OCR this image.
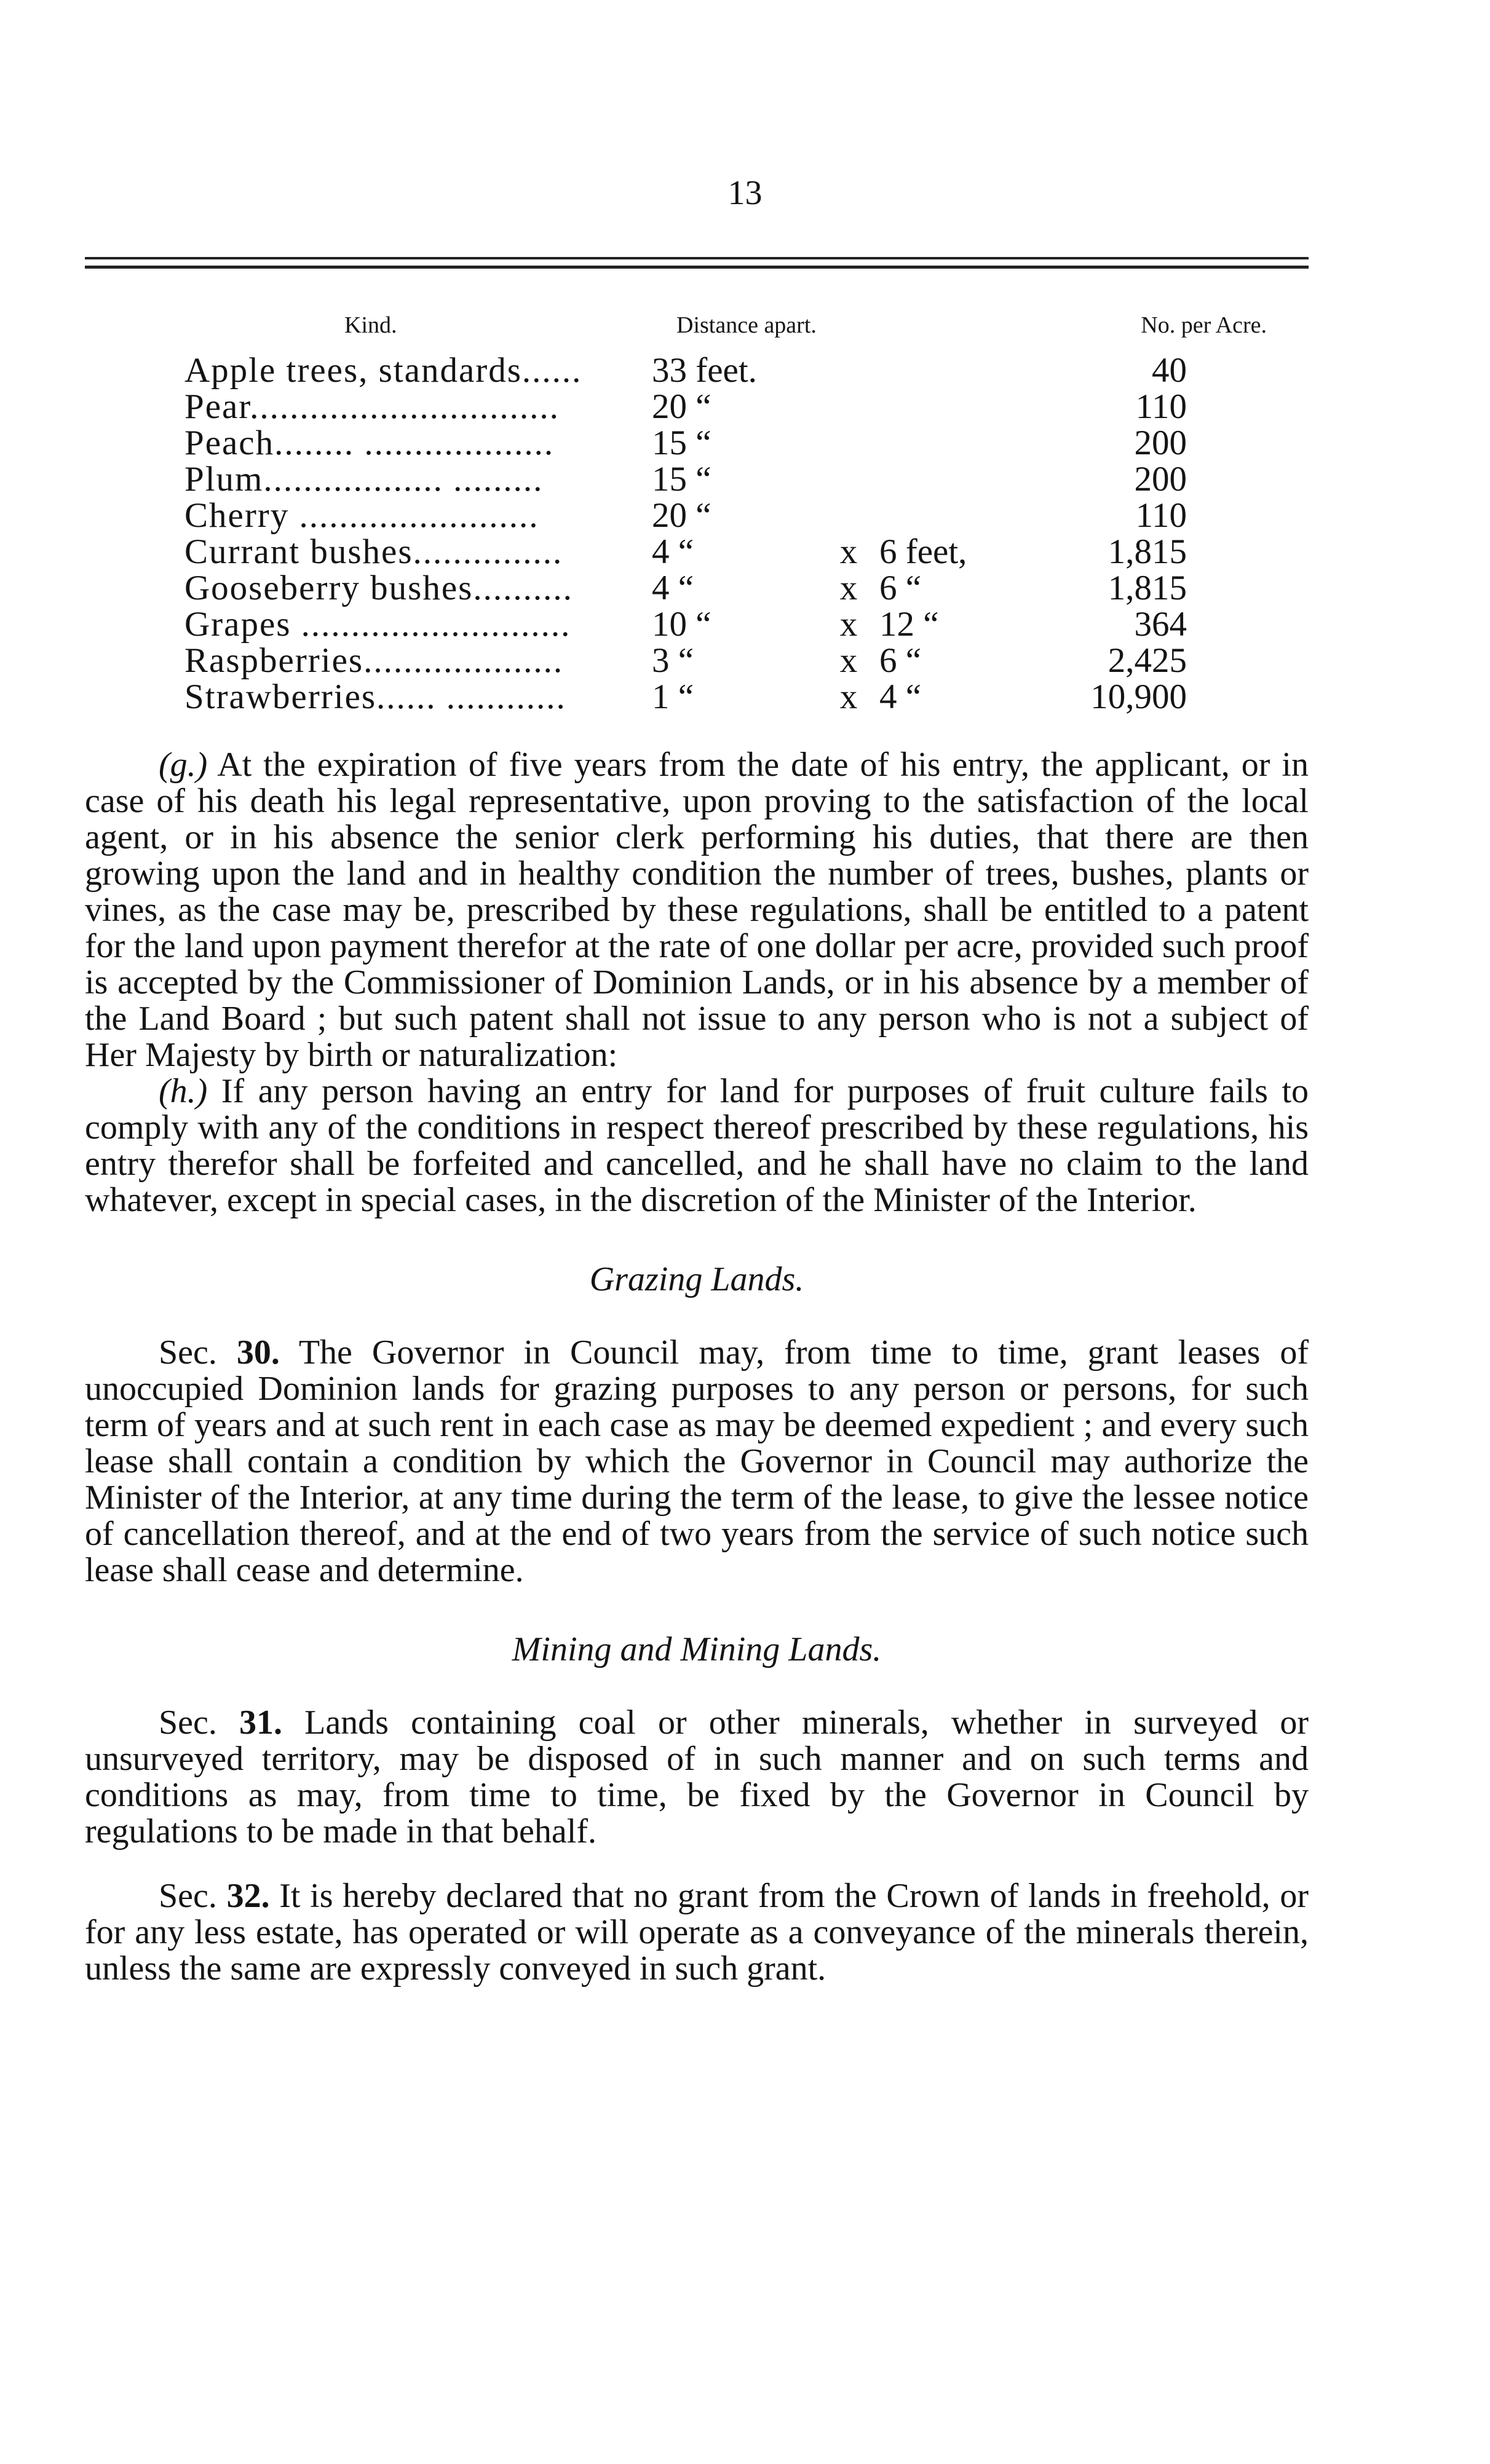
13
Kind.	Distance apart.			No. per Acre.
Apple trees, standards......	33 feet.			40
Pear...............................	20 “			110
Peach........ ...................	15 “			200
Plum.................. .........	15 “			200
Cherry ........................	20 “			110
Currant bushes...............	4 “	x	6 feet,	1,815
Gooseberry bushes..........	4 “	x	6 “	1,815
Grapes ...........................	10 “	x	12 “	364
Raspberries....................	3 “	x	6 “	2,425
Strawberries...... ............	1 “	x	4 “	10,900

(g.) At the expiration of five years from the date of his entry, the applicant, or in case of his death his legal representative, upon proving to the satisfaction of the local agent, or in his absence the senior clerk performing his duties, that there are then growing upon the land and in healthy condition the number of trees, bushes, plants or vines, as the case may be, prescribed by these regulations, shall be entitled to a patent for the land upon payment therefor at the rate of one dollar per acre, provided such proof is accepted by the Commissioner of Dominion Lands, or in his absence by a member of the Land Board ; but such patent shall not issue to any person who is not a subject of Her Majesty by birth or naturalization:

(h.) If any person having an entry for land for purposes of fruit culture fails to comply with any of the conditions in respect thereof prescribed by these regulations, his entry therefor shall be forfeited and cancelled, and he shall have no claim to the land whatever, except in special cases, in the discretion of the Minister of the Interior.

Grazing Lands.

Sec. 30. The Governor in Council may, from time to time, grant leases of unoccupied Dominion lands for grazing purposes to any person or persons, for such term of years and at such rent in each case as may be deemed expedient ; and every such lease shall contain a condition by which the Governor in Council may authorize the Minister of the Interior, at any time during the term of the lease, to give the lessee notice of cancellation thereof, and at the end of two years from the service of such notice such lease shall cease and determine.

Mining and Mining Lands.

Sec. 31. Lands containing coal or other minerals, whether in surveyed or unsurveyed territory, may be disposed of in such manner and on such terms and conditions as may, from time to time, be fixed by the Governor in Council by regulations to be made in that behalf.

Sec. 32. It is hereby declared that no grant from the Crown of lands in freehold, or for any less estate, has operated or will operate as a conveyance of the minerals therein, unless the same are expressly conveyed in such grant.
